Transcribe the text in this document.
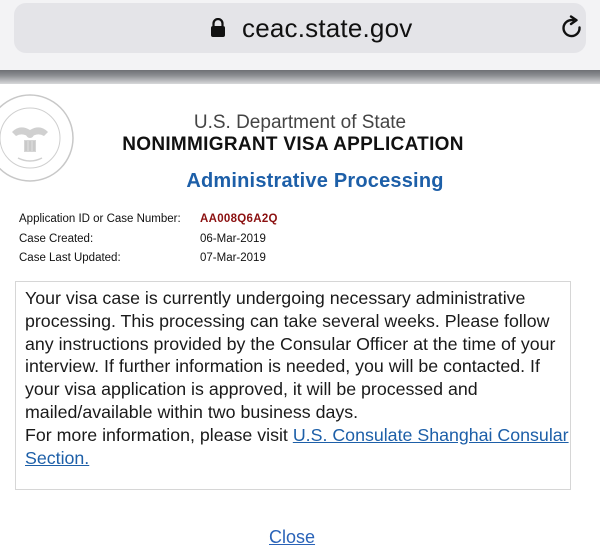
ceac.state.gov
U.S. Department of State
NONIMMIGRANT VISA APPLICATION
Administrative Processing
Application ID or Case Number: AA008Q6A2Q
Case Created:	06-Mar-2019
Case Last Updated:	07-Mar-2019
Your visa case is currently undergoing necessary administrative processing. This processing can take several weeks. Please follow any instructions provided by the Consular Officer at the time of your interview. If further information is needed, you will be contacted. If your visa application is approved, it will be processed and mailed/available within two business days.
For more information, please visit U.S. Consulate Shanghai Consular Section.
Close
